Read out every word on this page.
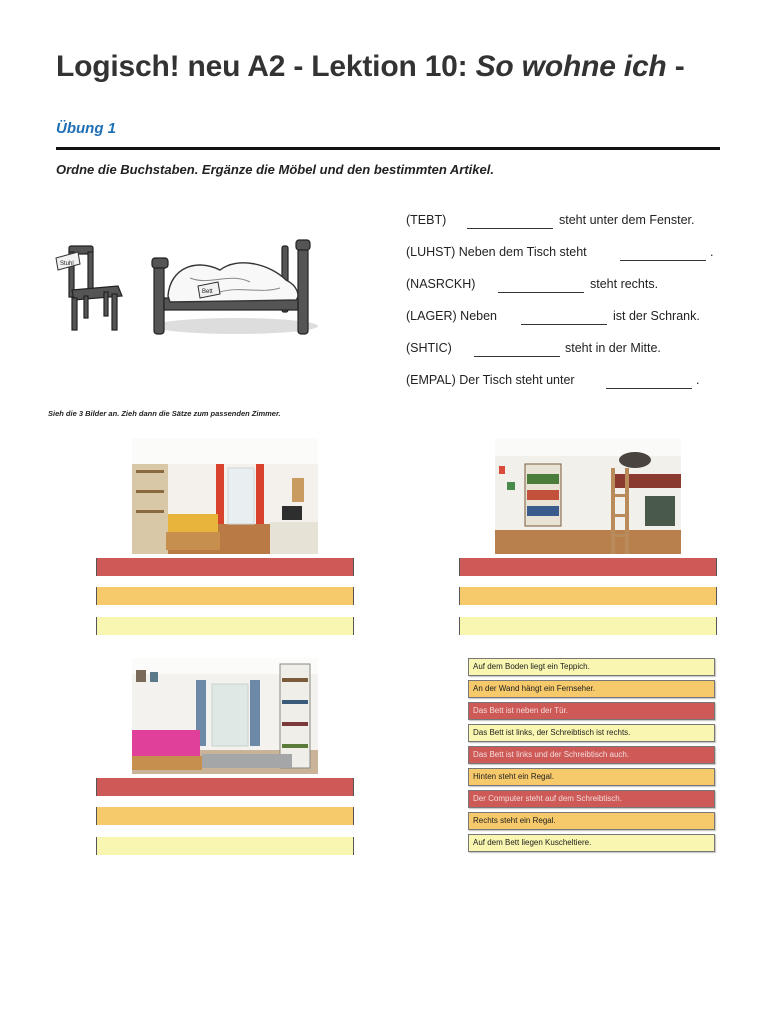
Logisch! neu A2 - Lektion 10: So wohne ich -
Übung 1
Ordne die Buchstaben. Ergänze die Möbel und den bestimmten Artikel.
Stuhl
Bett
(TEBT)	steht unter dem Fenster.
(LUHST) Neben dem Tisch steht	.
(NASRCKH)	steht rechts.
(LAGER) Neben	ist der Schrank.
(SHTIC)	steht in der Mitte.
(EMPAL) Der Tisch steht unter	.
Sieh die 3 Bilder an. Zieh dann die Sätze zum passenden Zimmer.
Auf dem Boden liegt ein Teppich.
An der Wand hängt ein Fernseher.
Das Bett ist neben der Tür.
Das Bett ist links, der Schreibtisch ist rechts.
Das Bett ist links und der Schreibtisch auch.
Hinten steht ein Regal.
Der Computer steht auf dem Schreibtisch.
Rechts steht ein Regal.
Auf dem Bett liegen Kuscheltiere.
